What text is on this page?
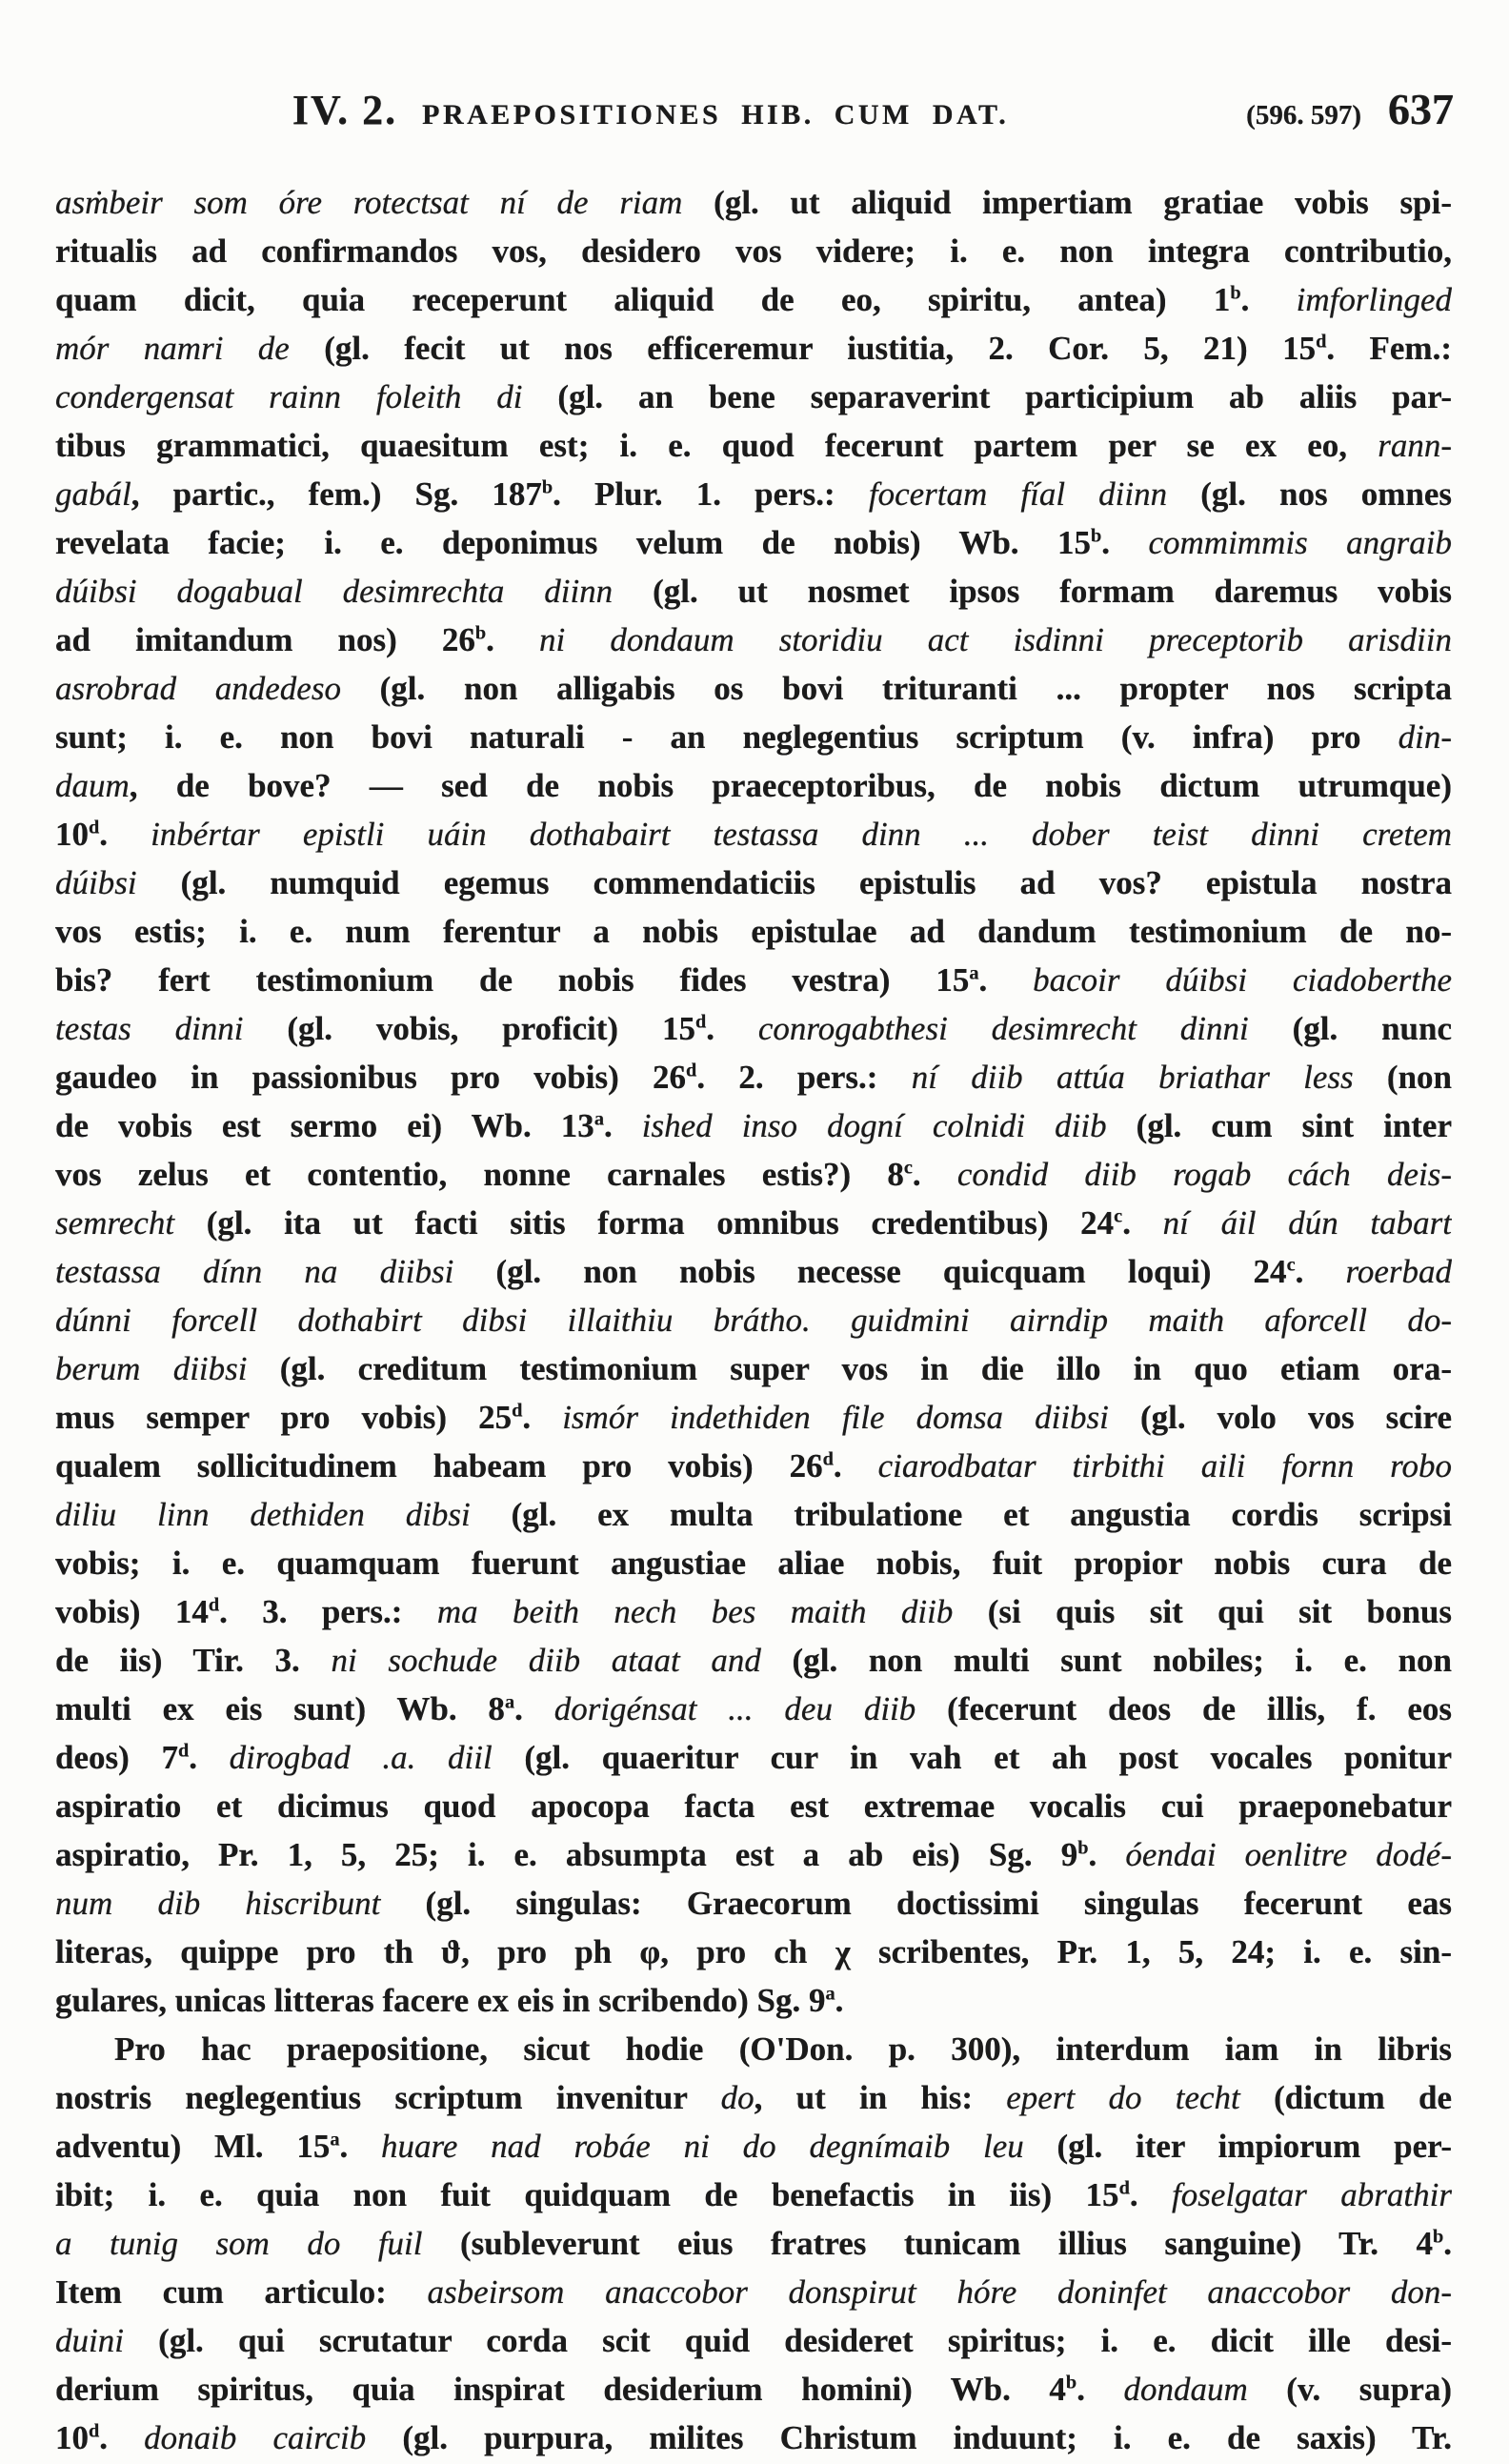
IV. 2. PRAEPOSITIONES HIB. CUM DAT.	(596. 597) 637
asṁbeir som óre rotectsat ní de riam (gl. ut aliquid impertiam gratiae vobis spi-
ritualis ad confirmandos vos, desidero vos videre; i. e. non integra contributio,
quam dicit, quia receperunt aliquid de eo, spiritu, antea) 1$^b$. imforlinged
mór namri de (gl. fecit ut nos efficeremur iustitia, 2. Cor. 5, 21) 15$^d$. Fem.:
condergensat rainn foleith di (gl. an bene separaverint participium ab aliis par-
tibus grammatici, quaesitum est; i. e. quod fecerunt partem per se ex eo, rann-
gabál, partic., fem.) Sg. 187$^b$. Plur. 1. pers.: focertam fíal diinn (gl. nos omnes
revelata facie; i. e. deponimus velum de nobis) Wb. 15$^b$. commimmis angraib
dúibsi dogabual desimrechta diinn (gl. ut nosmet ipsos formam daremus vobis
ad imitandum nos) 26$^b$. ni dondaum storidiu act isdinni preceptorib arisdiin
asrobrad andedeso (gl. non alligabis os bovi trituranti ... propter nos scripta
sunt; i. e. non bovi naturali - an neglegentius scriptum (v. infra) pro din-
daum, de bove? — sed de nobis praeceptoribus, de nobis dictum utrumque)
10$^d$. inbértar epistli uáin dothabairt testassa dinn ... dober teist dinni cretem
dúibsi (gl. numquid egemus commendaticiis epistulis ad vos? epistula nostra
vos estis; i. e. num ferentur a nobis epistulae ad dandum testimonium de no-
bis? fert testimonium de nobis fides vestra) 15$^a$. bacoir dúibsi ciadoberthe
testas dinni (gl. vobis, proficit) 15$^d$. conrogabthesi desimrecht dinni (gl. nunc
gaudeo in passionibus pro vobis) 26$^d$. 2. pers.: ní diib attúa briathar less (non
de vobis est sermo ei) Wb. 13$^a$. ished inso dogní colnidi diib (gl. cum sint inter
vos zelus et contentio, nonne carnales estis?) 8$^c$. condid diib rogab cách deis-
semrecht (gl. ita ut facti sitis forma omnibus credentibus) 24$^c$. ní áil dún tabart
testassa dínn na diibsi (gl. non nobis necesse quicquam loqui) 24$^c$. roerbad
dúnni forcell dothabirt dibsi illaithiu brátho. guidmini airndip maith aforcell do-
berum diibsi (gl. creditum testimonium super vos in die illo in quo etiam ora-
mus semper pro vobis) 25$^d$. ismór indethiden file domsa diibsi (gl. volo vos scire
qualem sollicitudinem habeam pro vobis) 26$^d$. ciarodbatar tirbithi aili fornn robo
diliu linn dethiden dibsi (gl. ex multa tribulatione et angustia cordis scripsi
vobis; i. e. quamquam fuerunt angustiae aliae nobis, fuit propior nobis cura de
vobis) 14$^d$. 3. pers.: ma beith nech bes maith diib (si quis sit qui sit bonus
de iis) Tir. 3. ni sochude diib ataat and (gl. non multi sunt nobiles; i. e. non
multi ex eis sunt) Wb. 8$^a$. dorigénsat ... deu diib (fecerunt deos de illis, f. eos
deos) 7$^d$. dirogbad .a. diil (gl. quaeritur cur in vah et ah post vocales ponitur
aspiratio et dicimus quod apocopa facta est extremae vocalis cui praeponebatur
aspiratio, Pr. 1, 5, 25; i. e. absumpta est a ab eis) Sg. 9$^b$. óendai oenlitre dodé-
num dib hiscribunt (gl. singulas: Graecorum doctissimi singulas fecerunt eas
literas, quippe pro th ϑ, pro ph φ, pro ch χ scribentes, Pr. 1, 5, 24; i. e. sin-
gulares, unicas litteras facere ex eis in scribendo) Sg. 9$^a$.
Pro hac praepositione, sicut hodie (O'Don. p. 300), interdum iam in libris
nostris neglegentius scriptum invenitur do, ut in his: epert do techt (dictum de
adventu) Ml. 15$^a$. huare nad robáe ni do degnímaib leu (gl. iter impiorum per-
ibit; i. e. quia non fuit quidquam de benefactis in iis) 15$^d$. foselgatar abrathir
a tunig som do fuil (subleverunt eius fratres tunicam illius sanguine) Tr. 4$^b$.
Item cum articulo: asbeirsom anaccobor donspirut hóre doninfet anaccobor don-
duini (gl. qui scrutatur corda scit quid desideret spiritus; i. e. dicit ille desi-
derium spiritus, quia inspirat desiderium homini) Wb. 4$^b$. dondaum (v. supra)
10$^d$. donaib caircib (gl. purpura, milites Christum induunt; i. e. de saxis) Tr.
